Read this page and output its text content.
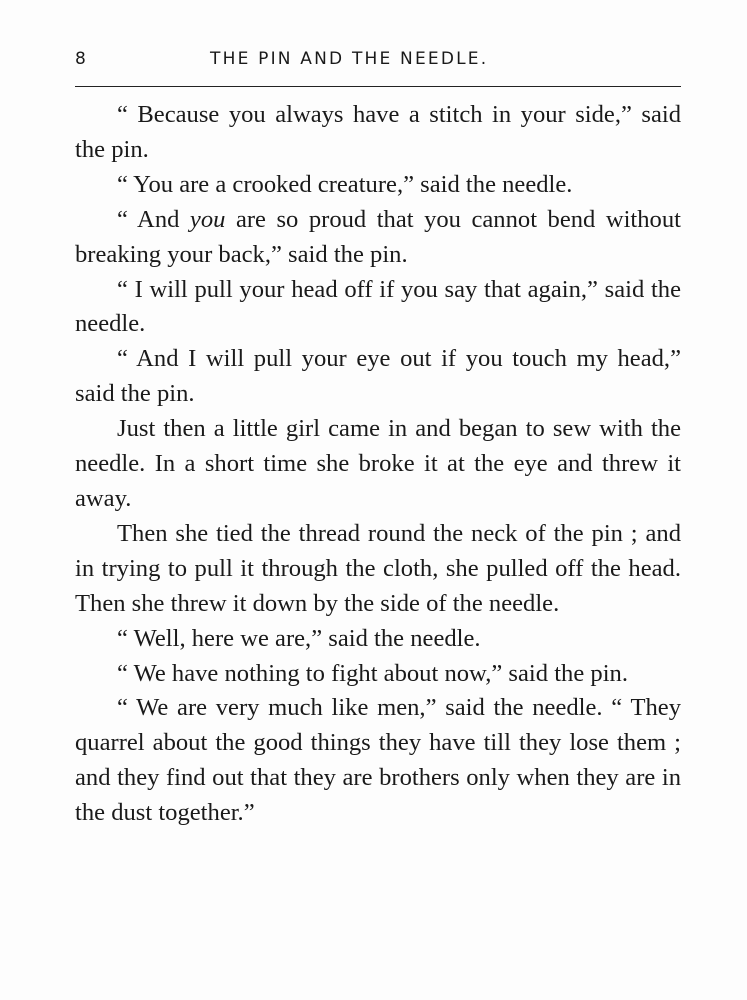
8	THE PIN AND THE NEEDLE.

“ Because you always have a stitch in your side,” said the pin.

“ You are a crooked creature,” said the needle.

“ And you are so proud that you cannot bend without breaking your back,” said the pin.

“ I will pull your head off if you say that again,” said the needle.

“ And I will pull your eye out if you touch my head,” said the pin.

Just then a little girl came in and began to sew with the needle. In a short time she broke it at the eye and threw it away.

Then she tied the thread round the neck of the pin ; and in trying to pull it through the cloth, she pulled off the head. Then she threw it down by the side of the needle.

“ Well, here we are,” said the needle.

“ We have nothing to fight about now,” said the pin.

“ We are very much like men,” said the needle. “ They quarrel about the good things they have till they lose them ; and they find out that they are brothers only when they are in the dust together.”
